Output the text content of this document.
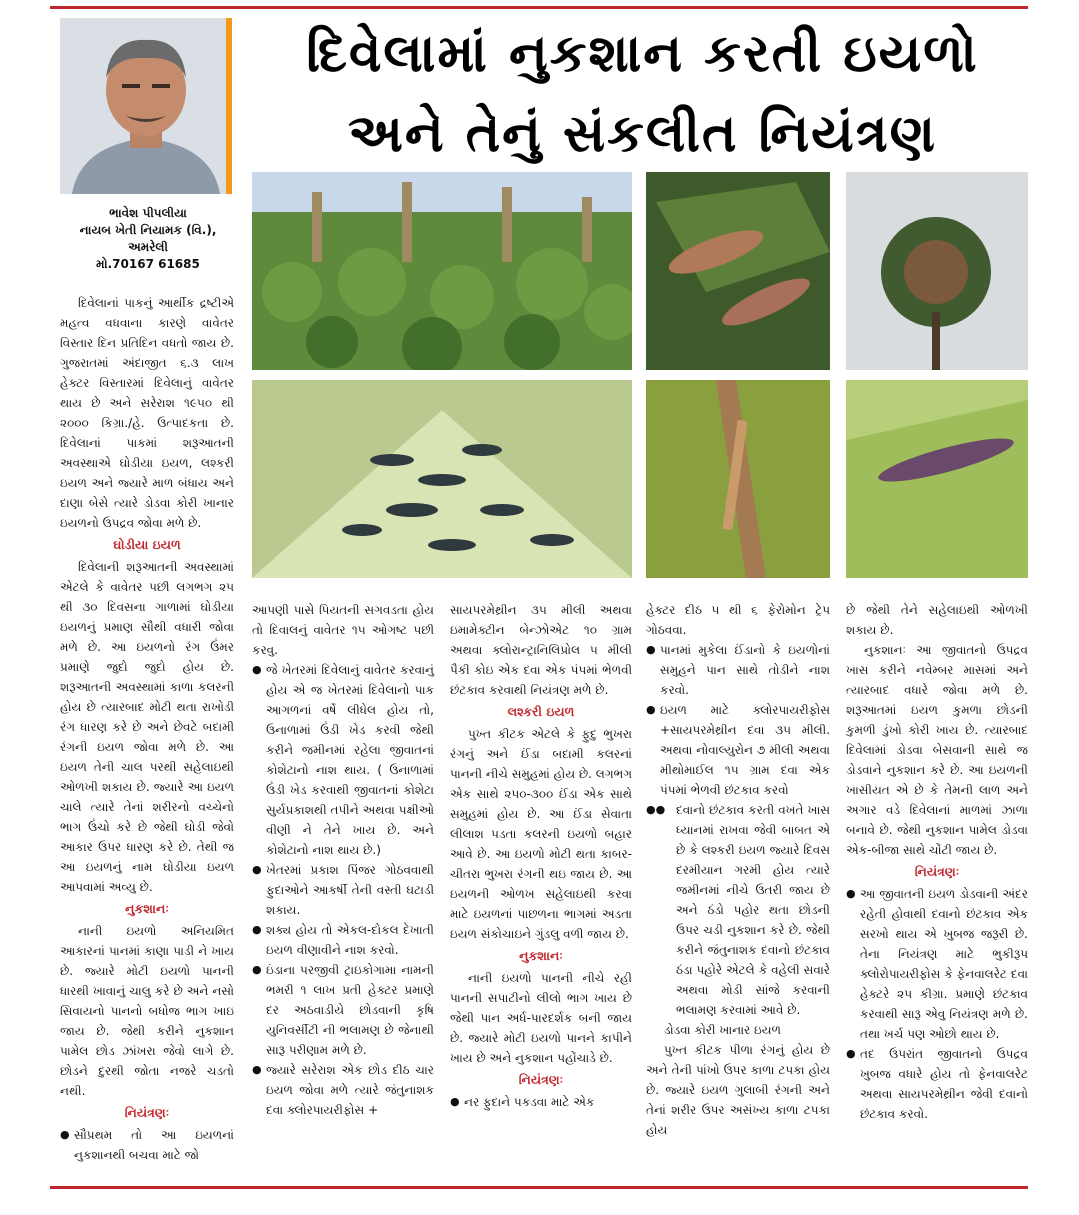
ભાવેશ પીપલીયા
નાયબ ખેતી નિયામક (વિ.),
અમરેલી
મો.70167 61685
દિવેલામાં નુકશાન કરતી ઇયળો
અને તેનું સંકલીત નિયંત્રણ

દિવેલાનાં પાકનું આર્થીક દ્રષ્ટીએ મહત્વ વધવાના કારણે વાવેતર વિસ્તાર દિન પ્રતિદિન વધતો જાય છે. ગુજરાતમાં અંદાજીત ૬.૩ લાખ હેક્ટર વિસ્તારમાં દિવેલાનું વાવેતર થાય છે અને સરેરાશ ૧૯૫૦ થી ૨૦૦૦ કિગ્રા./હે. ઉત્પાદકતા છે. દિવેલાનાં પાકમાં શરૂઆતની અવસ્થાએ ઘોડીયા ઇયળ, લશ્કરી ઇયળ અને જ્યારે માળ બંધાય અને દાણા બેસે ત્યારે ડોડવા કોરી ખાનાર ઇયળનો ઉપદ્રવ જોવા મળે છે.

ઘોડીયા ઇયળ

દિવેલાની શરૂઆતની અવસ્થામાં એટલે કે વાવેતર પછી લગભગ ૨૫ થી ૩૦ દિવસના ગાળામાં ઘોડીયા ઇયળનું પ્રમાણ સૌથી વધારી જોવા મળે છે. આ ઇયળનો રંગ ઉંમર પ્રમાણે જુદો જુદો હોય છે. શરૂઆતની અવસ્થામાં કાળા કલરની હોય છે ત્યારબાદ મોટી થતા રાખોડી રંગ ધારણ કરે છે અને છેવટે બદામી રંગની ઇયળ જોવા મળે છે. આ ઇયળ તેની ચાલ પરથી સહેલાઇથી ઓળખી શકાય છે. જ્યારે આ ઇયળ ચાલે ત્યારે તેનાં શરીરનો વચ્ચેનો ભાગ ઉંચો કરે છે જેથી ઘોડી જેવો આકાર ઉપર ધારણ કરે છે. તેથી જ આ ઇયળનું નામ ઘોડીયા ઇયળ આપવામાં અવ્યુ છે.

નુકશાનઃ

નાની ઇયળો અનિયમિત આકારનાં પાનમાં કાણા પાડી ને ખાય છે. જ્યારે મોટી ઇયળો પાનની ધારથી ખાવાનું ચાલુ કરે છે અને નસો સિવાયનો પાનનો બધોજ ભાગ ખાઇ જાય છે. જેથી કરીને નુકશાન પામેલ છોડ ઝાંખરા જેવો લાગે છે. છોડને દુરથી જોતા નજરે ચડતો નથી.

નિયંત્રણઃ
● સૌપ્રથમ તો આ ઇયળનાં નુકશાનથી બચવા માટે જો

આપણી પાસે પિયતની સગવડતા હોય તો દિવાલનું વાવેતર ૧૫ ઓગષ્ટ પછી કરવુ.

● જે ખેતરમાં દિવેલાનું વાવેતર કરવાનું હોય એ જ ખેતરમાં દિવેલાનો પાક આગળનાં વર્ષે લીધેલ હોય તો, ઉનાળામાં ઉંડી ખેડ કરવી જેથી કરીને જમીનમાં રહેલા જીવાતનાં કોશેટાનો નાશ થાય. ( ઉનાળામાં ઉંડી ખેડ કરવાથી જીવાતનાં કોશેટા સુર્યપ્રકાશથી તપીને અથવા પક્ષીઓ વીણી ને તેને ખાય છે. અને કોશેટાનો નાશ થાય છે.)
● ખેતરમાં પ્રકાશ પિંજર ગોઠવવાથી ફુદાઓને આકર્ષી તેની વસ્તી ઘટાડી શકાય.
● શક્ય હોય તો એકલ-દોકલ દેખાતી ઇયળ વીણાવીને નાશ કરવો.
● ઇંડાના પરજીવી ટ્રાઇકોગામા નામની ભમરી ૧ લાખ પ્રતી હેક્ટર પ્રમાણે દર અઠવાડીયે છોડવાની કૃષિ યુનિવર્સીટી ની ભલામણ છે જેનાથી સારૂ પરીણામ મળે છે.
● જ્યારે સરેરાશ એક છોડ દીઠ ચાર ઇયળ જોવા મળે ત્યારે જંતુનાશક દવા ક્લોરપાયરીફોસ +

સાયપરમેથ્રીન ૩૫ મીલી અથવા ઇમામેક્ટીન બેન્ઝોએટ ૧૦ ગ્રામ અથવા ક્લોરાન્ટ્રાનિલિપ્રોલ ૫ મીલી પૈકી કોઇ એક દવા એક પંપમાં ભેળવી છંટકાવ કરવાથી નિયંત્રણ મળે છે.

લશ્કરી ઇયળ

પુખ્ત કીટક એટલે કે ફુદુ ભુખરા રંગનું અને ઈંડા બદામી કલરનાં પાનની નીચે સમુહમાં હોય છે. લગભગ એક સાથે ૨૫૦-૩૦૦ ઈંડા એક સાથે સમુહમાં હોય છે. આ ઈંડા સેવાતા લીલાશ પડતા કલરની ઇયળો બહાર આવે છે. આ ઇયળો મોટી થતા કાબર-ચીતરા ભુખરા રંગની થઇ જાય છે. આ ઇયળની ઓળખ સહેલાઇથી કરવા માટે ઇયળનાં પાછળના ભાગમાં અડતા ઇયળ સંકોચાઇને ગુંડલુ વળી જાય છે.

નુકશાનઃ

નાની ઇયળો પાનની નીચે રહી પાનની સપાટીનો લીલો ભાગ ખાય છે જેથી પાન અર્ધ-પારદર્શક બની જાય છે. જ્યારે મોટી ઇયળો પાનને કાપીને ખાય છે અને નુકશાન પહોંચાડે છે.

નિયંત્રણઃ
● નર ફુદાને પકડવા માટે એક

હેક્ટર દીઠ ૫ થી ૬ ફેરોમોન ટ્રેપ ગોઠવવા.

● પાનમાં મુકેલા ઈંડાનો કે ઇયળોનાં સમુહને પાન સાથે તોડીને નાશ કરવો.
● ઇયળ માટે ક્લોરપાયરીફોસ +સાયપરમેથ્રીન દવા ૩૫ મીલી. અથવા નોવાલ્યુરોન ૭ મીલી અથવા મીથોમાઈલ ૧૫ ગ્રામ દવા એક પંપમાં ભેળવી છંટકાવ કરવો
●● દવાનો છંટકાવ કરતી વખતે ખાસ ધ્યાનમાં રાખવા જેવી બાબત એ છે કે લશ્કરી ઇયળ જ્યારે દિવસ દરમીયાન ગરમી હોય ત્યારે જમીનમાં નીચે ઉતરી જાય છે અને ઠંડો પહોર થતા છોડની ઉપર ચડી નુકશાન કરે છે. જેથી કરીને જંતુનાશક દવાનો છંટકાવ ઠંડા પહોરે એટલે કે વહેલી સવારે અથવા મોડી સાંજે કરવાની ભલામણ કરવામાં આવે છે.

ડોડવા કોરી ખાનાર ઇયળ

પુખ્ત કીટક પીળા રંગનું હોય છે અને તેની પાંખો ઉપર કાળા ટપકા હોય છે. જ્યારે ઇયળ ગુલાબી રંગની અને તેનાં શરીર ઉપર અસંખ્ય કાળા ટપકા હોય

છે જેથી તેને સહેલાઇથી ઓળખી શકાય છે.

નુકશાનઃ આ જીવાતનો ઉપદ્રવ ખાસ કરીને નવેમ્બર માસમાં અને ત્યારબાદ વધારે જોવા મળે છે. શરૂઆતમાં ઇયળ કુમળા છોડની કુમળી ડુંખો કોરી ખાય છે. ત્યારબાદ દિવેલામાં ડોડવા બેસવાની સાથે જ ડોડવાને નુકશાન કરે છે. આ ઇયળની ખાસીયત એ છે કે તેમની લાળ અને અગાર વડે દિવેલાનાં માળમાં ઝાળા બનાવે છે. જેથી નુકશાન પામેલ ડોડવા એક-બીજા સાથે ચોંટી જાય છે.

નિયંત્રણઃ
● આ જીવાતની ઇયળ ડોડવાની અંદર રહેતી હોવાથી દવાનો છંટકાવ એક સરખો થાય એ ખુબજ જરૂરી છે. તેના નિયંત્રણ માટે ભુકીરૂપ ક્લોરોપાયરીફોસ કે ફેનવાલરેટ દવા હેક્ટરે ૨૫ કીગ્રા. પ્રમાણે છંટકાવ કરવાથી સારૂ એવુ નિયંત્રણ મળે છે. તથા ખર્ચ પણ ઓછો થાય છે.
● તદ ઉપરાંત જીવાતનો ઉપદ્રવ ખુબજ વધારે હોય તો ફેનવાલરેટ અથવા સાયપરમેથ્રીન જેવી દવાનો છંટકાવ કરવો.
